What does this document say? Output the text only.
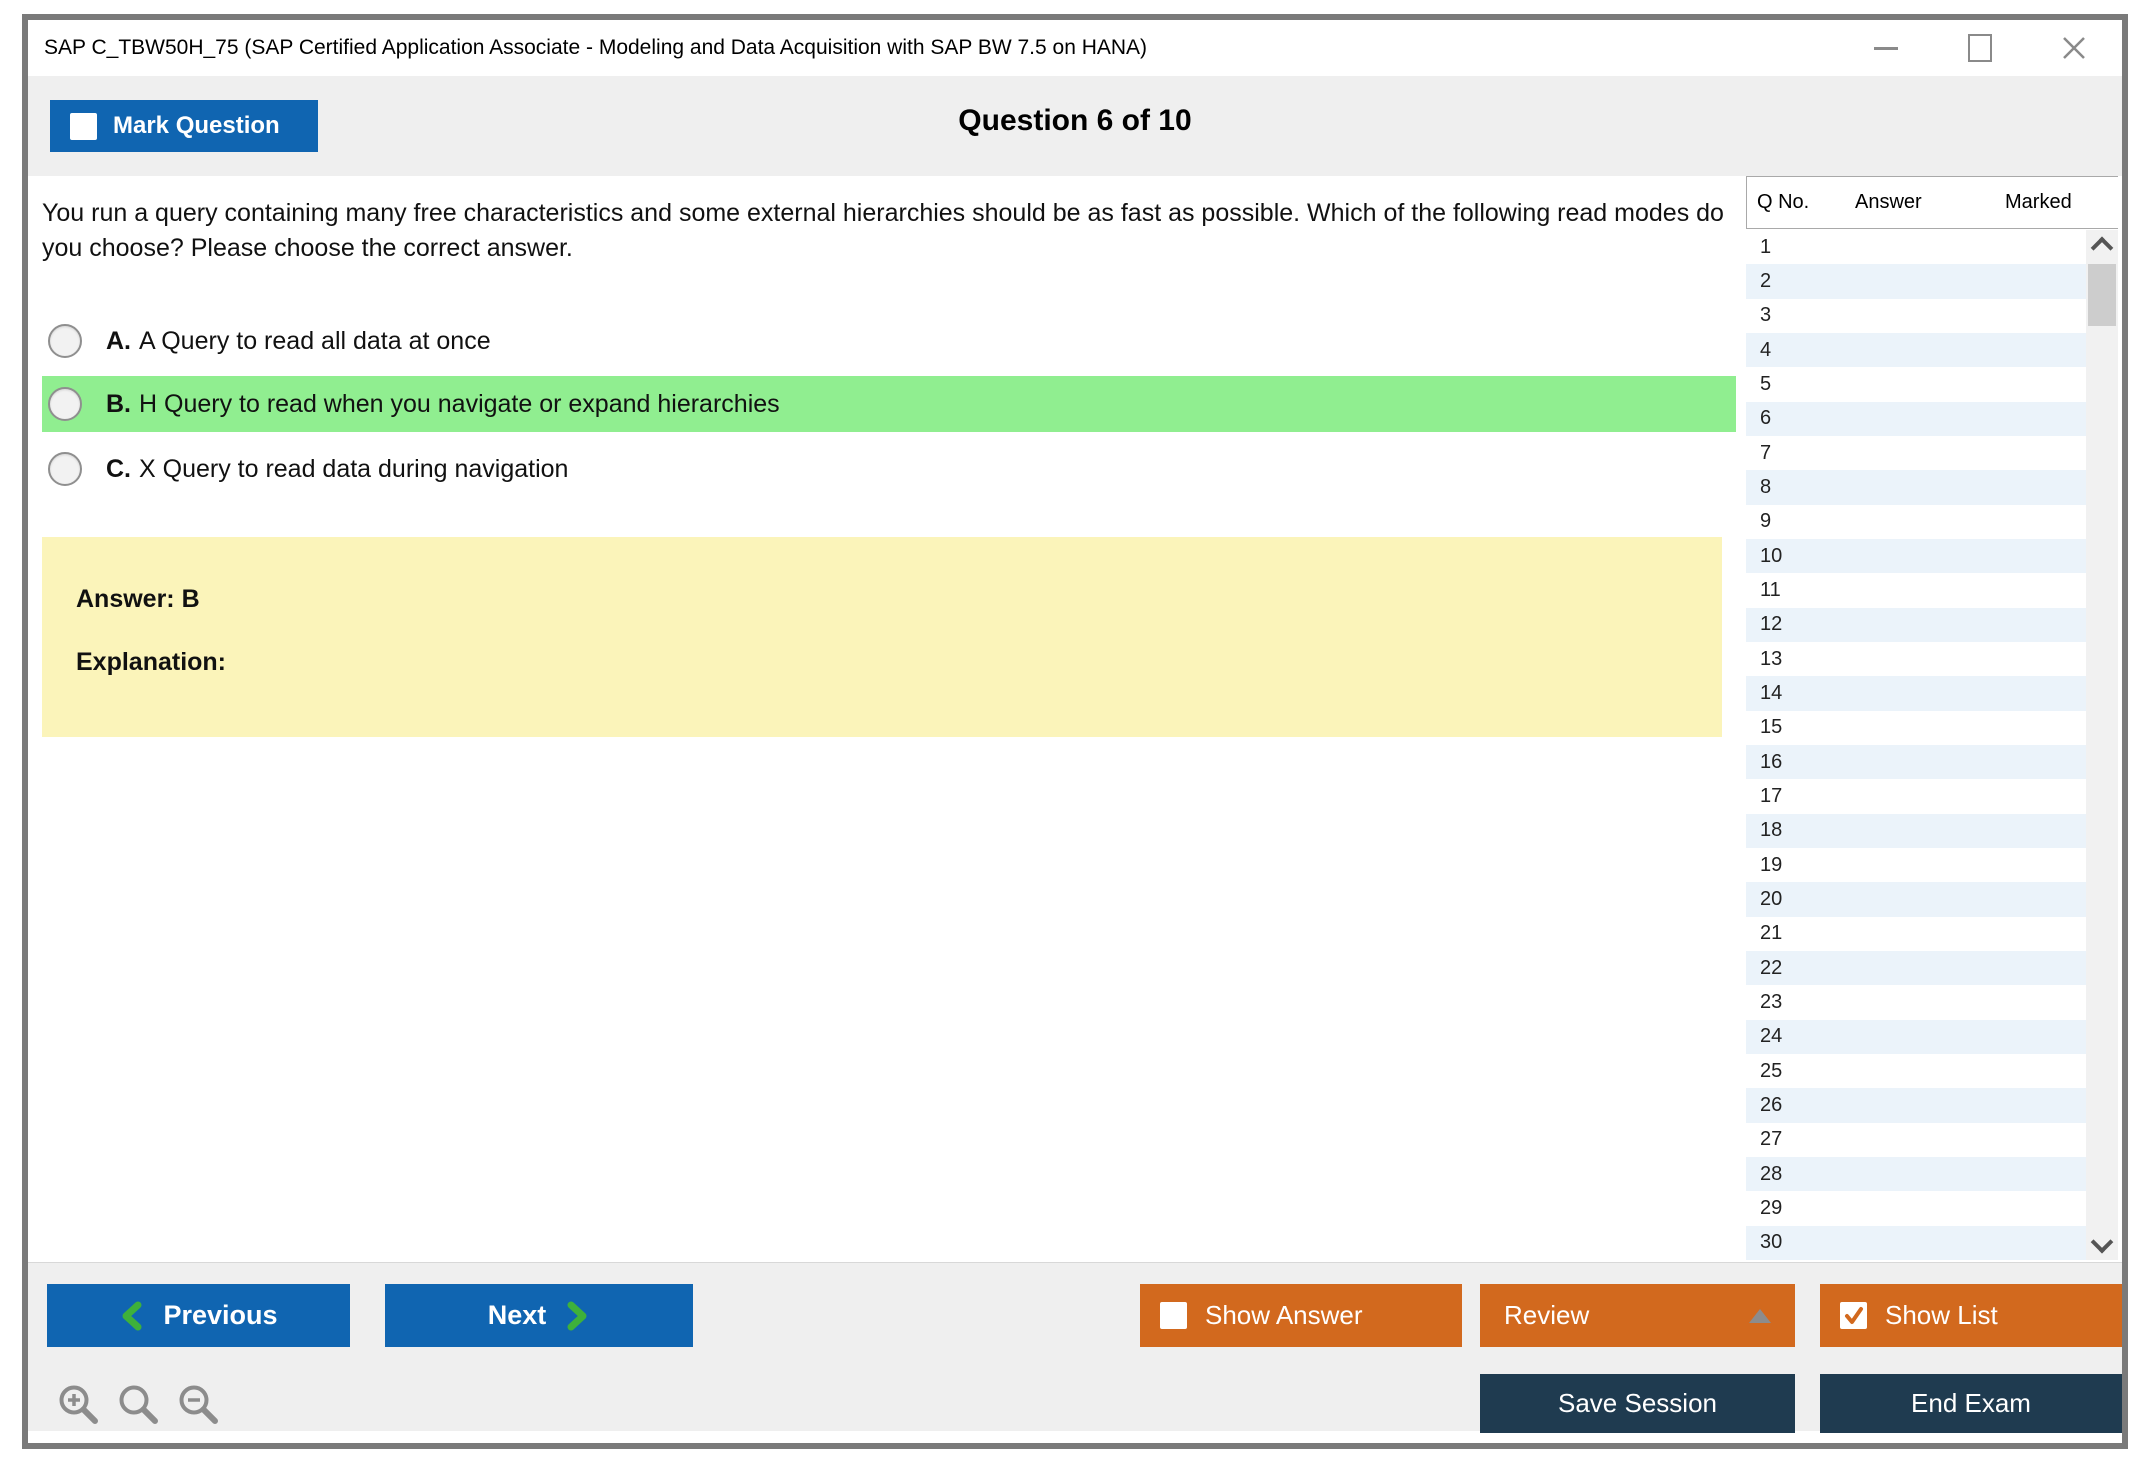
SAP C_TBW50H_75 (SAP Certified Application Associate - Modeling and Data Acquisition with SAP BW 7.5 on HANA)
Mark Question	Question 6 of 10

You run a query containing many free characteristics and some external hierarchies should be as fast as possible. Which of the following read modes do you choose? Please choose the correct answer.

A. A Query to read all data at once
B. H Query to read when you navigate or expand hierarchies
C. X Query to read data during navigation
Answer: B
Explanation:
Q No. Answer	Marked
1
2
3
4
5
6
7
8
9
10
11
12
13
14
15
16
17
18
19
20
21
22
23
24
25
26
27
28
29
30
Previous	Next	Show Answer	Review	Show List
Save Session	End Exam
